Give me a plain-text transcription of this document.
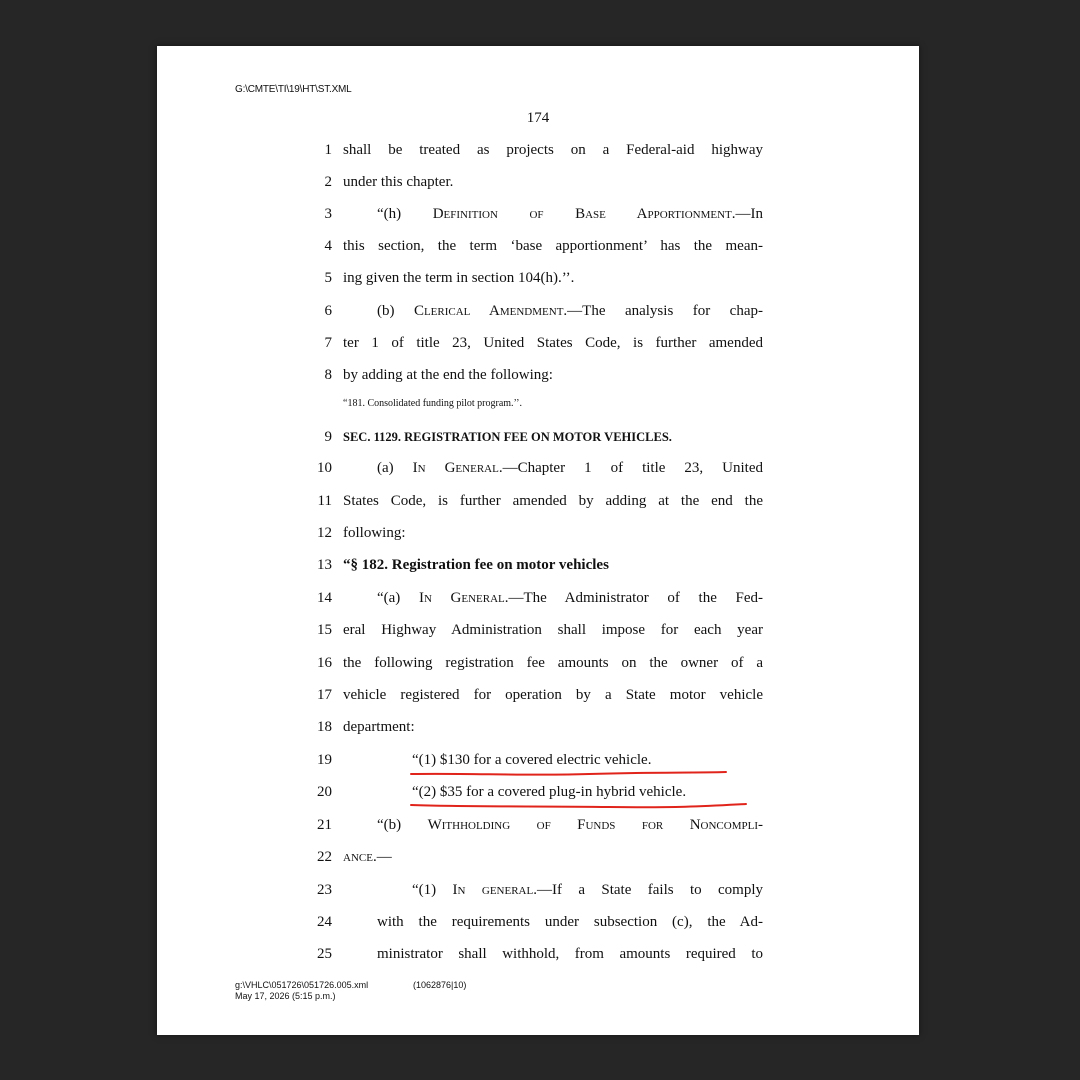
G:\CMTE\TI\19\HT\ST.XML
174
1 shall be treated as projects on a Federal-aid highway
2 under this chapter.
3	“(h) Definition of Base Apportionment.—In
4 this section, the term ‘base apportionment’ has the mean-
5 ing given the term in section 104(h).’’.
6	(b) Clerical Amendment.—The analysis for chap-
7 ter 1 of title 23, United States Code, is further amended
8 by adding at the end the following:
“181. Consolidated funding pilot program.’’.
9 SEC. 1129. REGISTRATION FEE ON MOTOR VEHICLES.
10	(a) In General.—Chapter 1 of title 23, United
11 States Code, is further amended by adding at the end the
12 following:
13 “§ 182. Registration fee on motor vehicles
14	“(a) In General.—The Administrator of the Fed-
15 eral Highway Administration shall impose for each year
16 the following registration fee amounts on the owner of a
17 vehicle registered for operation by a State motor vehicle
18 department:
19	“(1) $130 for a covered electric vehicle.
20	“(2) $35 for a covered plug-in hybrid vehicle.
21	“(b) Withholding of Funds for Noncompli-
22 ance.—
23	“(1) In general.—If a State fails to comply
24	with the requirements under subsection (c), the Ad-
25	ministrator shall withhold, from amounts required to
g:\VHLC\051726\051726.005.xml
May 17, 2026 (5:15 p.m.)
(1062876|10)
